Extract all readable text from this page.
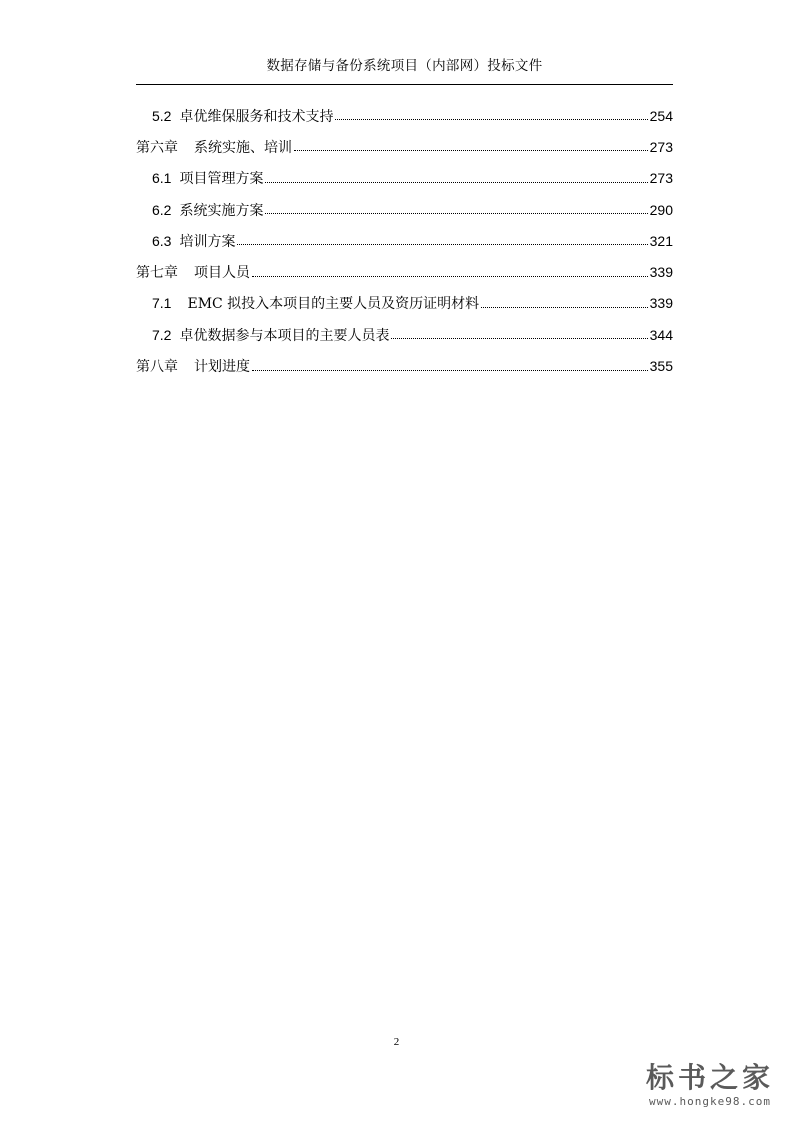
数据存储与备份系统项目（内部网）投标文件
5.2 卓优维保服务和技术支持	254
第六章 系统实施、培训	273
6.1 项目管理方案	273
6.2 系统实施方案	290
6.3 培训方案	321
第七章 项目人员	339
7.1 EMC 拟投入本项目的主要人员及资历证明材料	339
7.2 卓优数据参与本项目的主要人员表	344
第八章 计划进度	355
2
标书之家
www.hongke98.com
